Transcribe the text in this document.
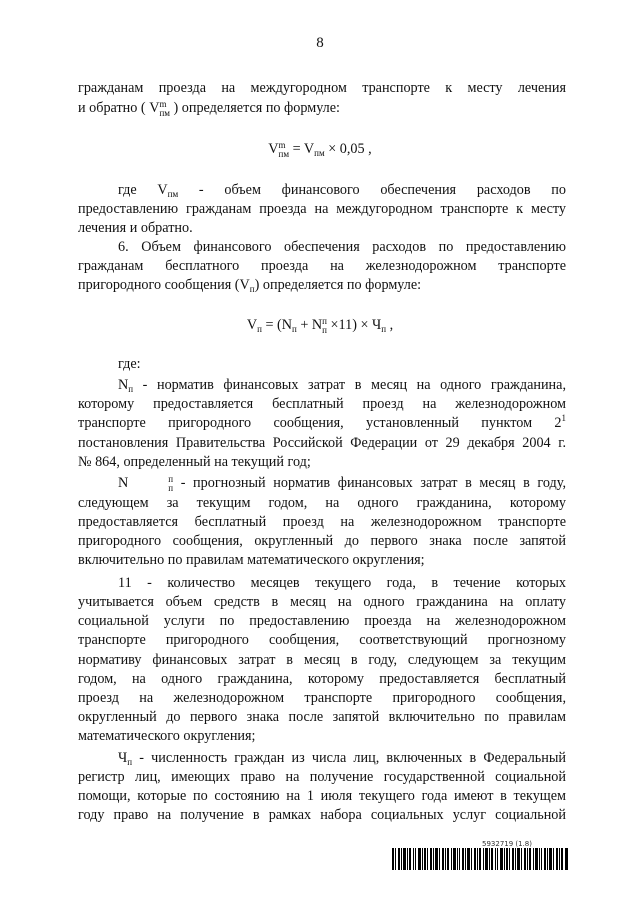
8
гражданам проезда на междугородном транспорте к месту лечения
и обратно ( V m
пм ) определяется по формуле:
V m
пм = $V_{пм} \times 0,05$ ,
где $V_{пм}$ - объем финансового обеспечения расходов по
предоставлению гражданам проезда на междугородном транспорте к месту
лечения и обратно.
6. Объем финансового обеспечения расходов по предоставлению
гражданам бесплатного проезда на железнодорожном транспорте
пригородного сообщения $(V_п)$ определяется по формуле:
$V_п = (N_п + N$ п
$п \times 11) \times Ч_п$ ,
где:
$N_п$ - норматив финансовых затрат в месяц на одного гражданина,
которому предоставляется бесплатный проезд на железнодорожном
транспорте пригородного сообщения, установленный пунктом $2^1$
постановления Правительства Российской Федерации от 29 декабря 2004 г.
№ 864, определенный на текущий год;
N	п
п - прогнозный норматив финансовых затрат в месяц в году,
следующем за текущим годом, на одного гражданина, которому
предоставляется бесплатный проезд на железнодорожном транспорте
пригородного сообщения, округленный до первого знака после запятой
включительно по правилам математического округления;
11 - количество месяцев текущего года, в течение которых
учитывается объем средств в месяц на одного гражданина на оплату
социальной услуги по предоставлению проезда на железнодорожном
транспорте пригородного сообщения, соответствующий прогнозному
нормативу финансовых затрат в месяц в году, следующем за текущим
годом, на одного гражданина, которому предоставляется бесплатный
проезд на железнодорожном транспорте пригородного сообщения,
округленный до первого знака после запятой включительно по правилам
математического округления;
$Ч_п$ - численность граждан из числа лиц, включенных в Федеральный
регистр лиц, имеющих право на получение государственной социальной
помощи, которые по состоянию на 1 июля текущего года имеют в текущем
году право на получение в рамках набора социальных услуг социальной
5932719 (1.8)
